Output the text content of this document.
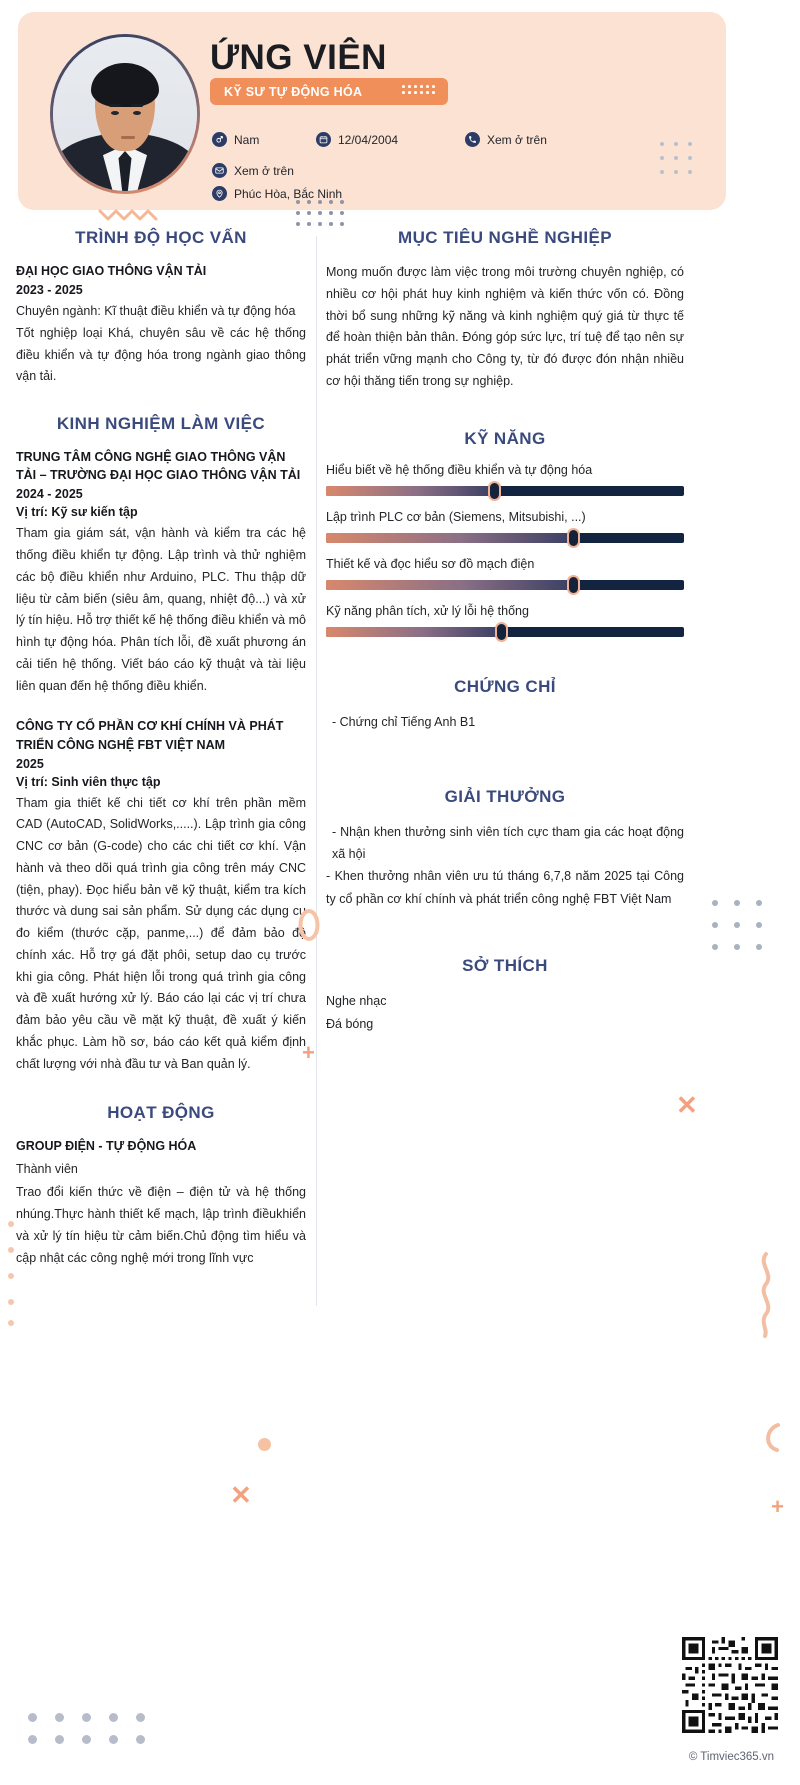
ỨNG VIÊN
KỸ SƯ TỰ ĐỘNG HÓA
Nam	12/04/2004	Xem ở trên
Xem ở trên
Phúc Hòa, Bắc Ninh
TRÌNH ĐỘ HỌC VẤN
ĐẠI HỌC GIAO THÔNG VẬN TẢI
2023 - 2025
Chuyên ngành: Kĩ thuật điều khiển và tự động hóa
Tốt nghiệp loại Khá, chuyên sâu về các hệ thống điều khiển và tự động hóa trong ngành giao thông vận tải.
KINH NGHIỆM LÀM VIỆC
TRUNG TÂM CÔNG NGHỆ GIAO THÔNG VẬN TẢI – TRƯỜNG ĐẠI HỌC GIAO THÔNG VẬN TẢI
2024 - 2025
Vị trí: Kỹ sư kiến tập
Tham gia giám sát, vận hành và kiểm tra các hệ thống điều khiển tự động. Lập trình và thử nghiệm các bộ điều khiển như Arduino, PLC. Thu thập dữ liệu từ cảm biến (siêu âm, quang, nhiệt độ...) và xử lý tín hiệu. Hỗ trợ thiết kế hệ thống điều khiển và mô hình tự động hóa. Phân tích lỗi, đề xuất phương án cải tiến hệ thống. Viết báo cáo kỹ thuật và tài liệu liên quan đến hệ thống điều khiển.
CÔNG TY CỔ PHẦN CƠ KHÍ CHÍNH VÀ PHÁT TRIỂN CÔNG NGHỆ FBT VIỆT NAM
2025
Vị trí: Sinh viên thực tập
Tham gia thiết kế chi tiết cơ khí trên phần mềm CAD (AutoCAD, SolidWorks,.....). Lập trình gia công CNC cơ bản (G-code) cho các chi tiết cơ khí. Vận hành và theo dõi quá trình gia công trên máy CNC (tiện, phay). Đọc hiểu bản vẽ kỹ thuật, kiểm tra kích thước và dung sai sản phẩm. Sử dụng các dụng cụ đo kiểm (thước cặp, panme,...) để đảm bảo độ chính xác. Hỗ trợ gá đặt phôi, setup dao cụ trước khi gia công. Phát hiện lỗi trong quá trình gia công và đề xuất hướng xử lý. Báo cáo lại các vị trí chưa đảm bảo yêu cầu về mặt kỹ thuật, đề xuất ý kiến khắc phục. Làm hồ sơ, báo cáo kết quả kiểm định chất lượng với nhà đầu tư và Ban quản lý.
HOẠT ĐỘNG
GROUP ĐIỆN - TỰ ĐỘNG HÓA
Thành viên
Trao đổi kiến thức về điện – điện tử và hệ thống nhúng.Thực hành thiết kế mạch, lập trình điềukhiển và xử lý tín hiệu từ cảm biến.Chủ động tìm hiểu và cập nhật các công nghệ mới trong lĩnh vực
MỤC TIÊU NGHỀ NGHIỆP
Mong muốn được làm việc trong môi trường chuyên nghiệp, có nhiều cơ hội phát huy kinh nghiệm và kiến thức vốn có. Đồng thời bổ sung những kỹ năng và kinh nghiệm quý giá từ thực tế để hoàn thiện bản thân. Đóng góp sức lực, trí tuệ để tạo nên sự phát triển vững mạnh cho Công ty, từ đó được đón nhận nhiều cơ hội thăng tiến trong sự nghiệp.
KỸ NĂNG
Hiểu biết về hệ thống điều khiển và tự động hóa
Lập trình PLC cơ bản (Siemens, Mitsubishi, ...)
Thiết kế và đọc hiểu sơ đồ mạch điện
Kỹ năng phân tích, xử lý lỗi hệ thống
CHỨNG CHỈ
- Chứng chỉ Tiếng Anh B1
GIẢI THƯỞNG
- Nhận khen thưởng sinh viên tích cực tham gia các hoạt động xã hội
- Khen thưởng nhân viên ưu tú tháng 6,7,8 năm 2025 tại Công ty cổ phần cơ khí chính và phát triển công nghệ FBT Việt Nam
SỞ THÍCH
Nghe nhạc
Đá bóng
+
✕
✕	+
© Timviec365.vn
